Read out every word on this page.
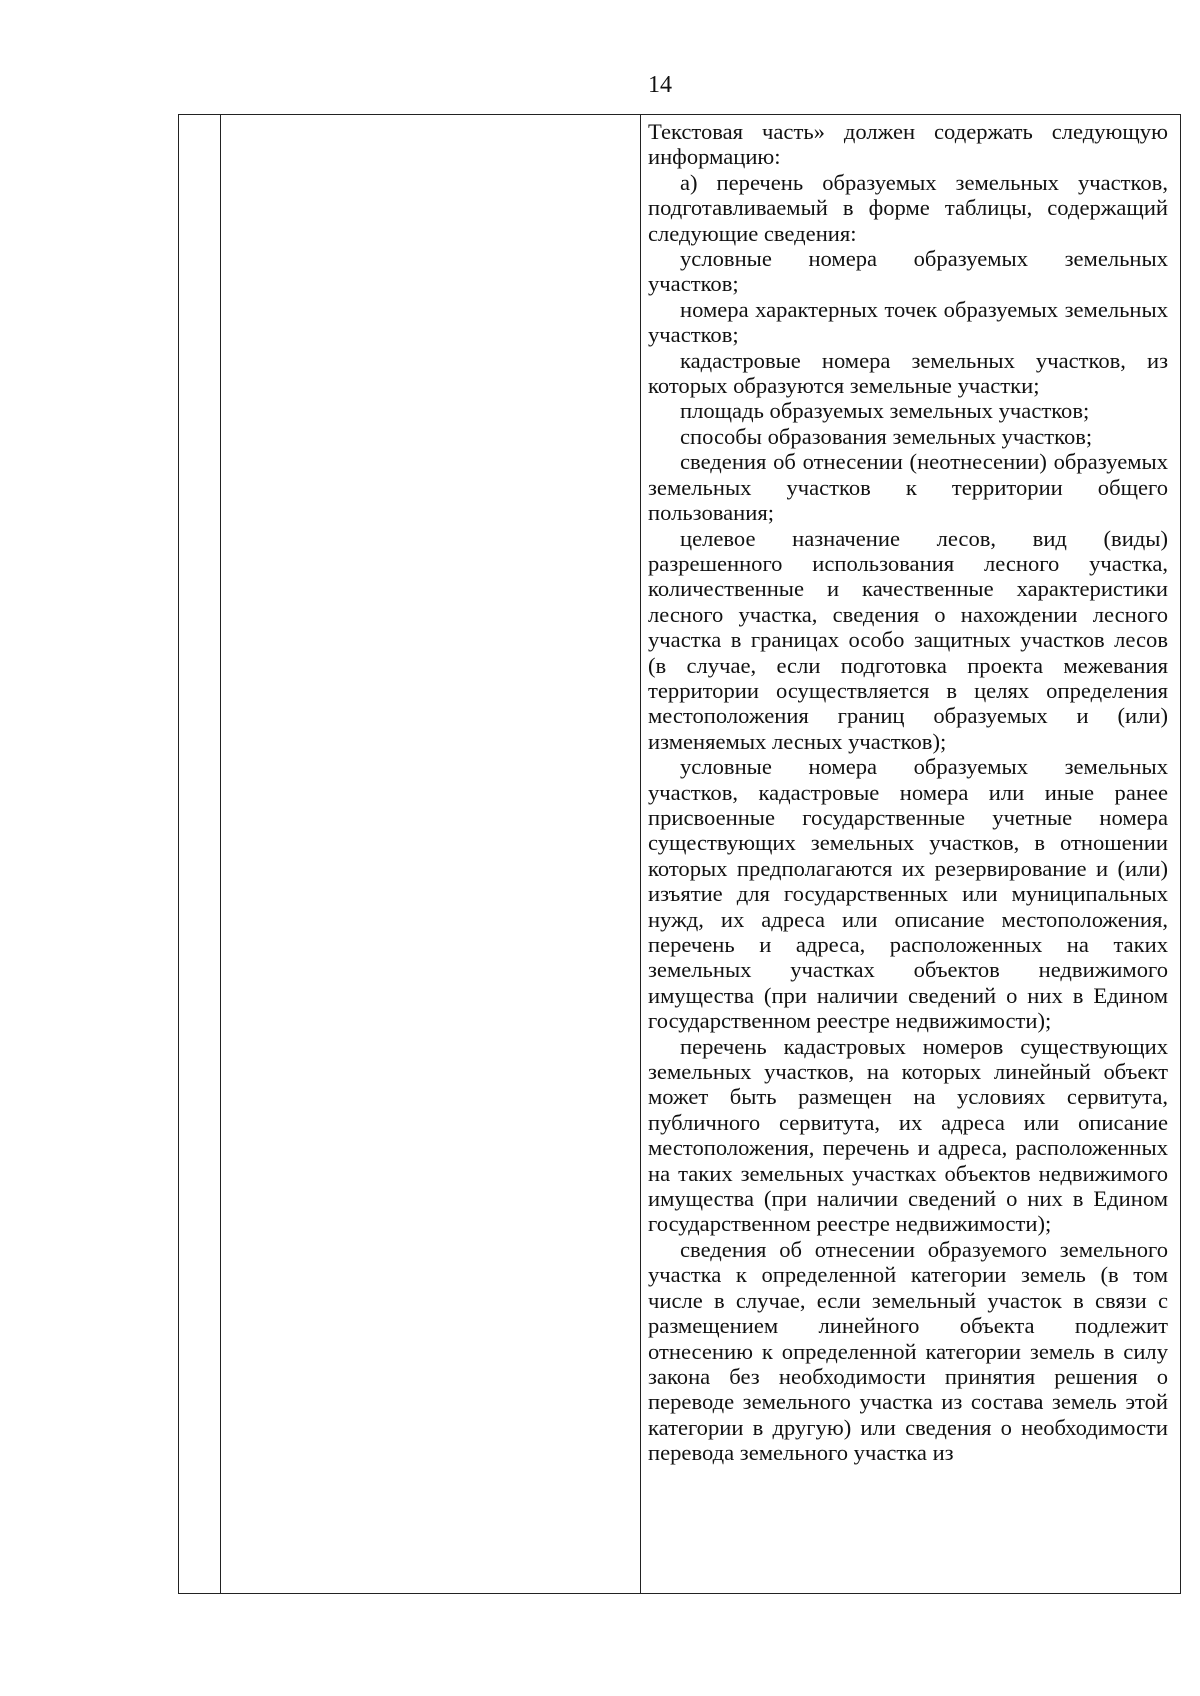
14

Текстовая часть» должен содержать следующую информацию:

а) перечень образуемых земельных участков, подготавливаемый в форме таблицы, содержащий следующие сведения:

условные номера образуемых земельных участков;

номера характерных точек образуемых земельных участков;

кадастровые номера земельных участков, из которых образуются земельные участки;

площадь образуемых земельных участков;

способы образования земельных участков;

сведения об отнесении (неотнесении) образуемых земельных участков к территории общего пользования;

целевое назначение лесов, вид (виды) разрешенного использования лесного участка, количественные и качественные характеристики лесного участка, сведения о нахождении лесного участка в границах особо защитных участков лесов (в случае, если подготовка проекта межевания территории осуществляется в целях определения местоположения границ образуемых и (или) изменяемых лесных участков);

условные номера образуемых земельных участков, кадастровые номера или иные ранее присвоенные государственные учетные номера существующих земельных участков, в отношении которых предполагаются их резервирование и (или) изъятие для государственных или муниципальных нужд, их адреса или описание местоположения, перечень и адреса, расположенных на таких земельных участках объектов недвижимого имущества (при наличии сведений о них в Едином государственном реестре недвижимости);

перечень кадастровых номеров существующих земельных участков, на которых линейный объект может быть размещен на условиях сервитута, публичного сервитута, их адреса или описание местоположения, перечень и адреса, расположенных на таких земельных участках объектов недвижимого имущества (при наличии сведений о них в Едином государственном реестре недвижимости);

сведения об отнесении образуемого земельного участка к определенной категории земель (в том числе в случае, если земельный участок в связи с размещением линейного объекта подлежит отнесению к определенной категории земель в силу закона без необходимости принятия решения о переводе земельного участка из состава земель этой категории в другую) или сведения о необходимости перевода земельного участка из
